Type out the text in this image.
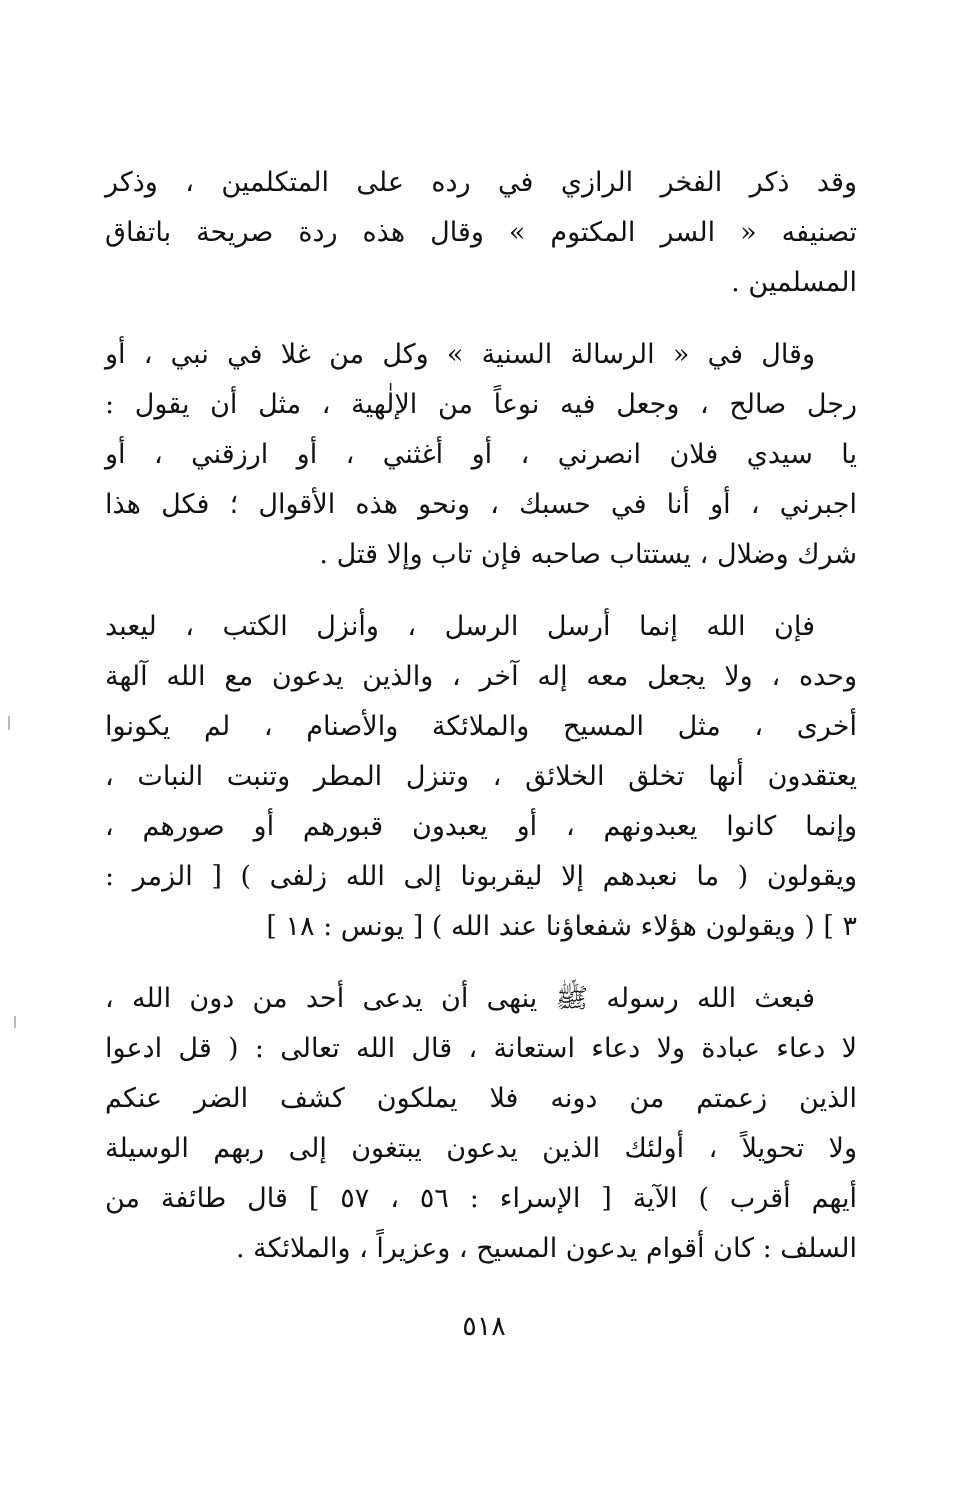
وقد ذكر الفخر الرازي في رده على المتكلمين ، وذكر
تصنيفه « السر المكتوم » وقال هذه ردة صريحة باتفاق
المسلمين .
وقال في « الرسالة السنية » وكل من غلا في نبي ، أو
رجل صالح ، وجعل فيه نوعاً من الإلٰهية ، مثل أن يقول :
يا سيدي فلان انصرني ، أو أغثني ، أو ارزقني ، أو
اجبرني ، أو أنا في حسبك ، ونحو هذه الأقوال ؛ فكل هذا
شرك وضلال ، يستتاب صاحبه فإن تاب وإلا قتل .
فإن الله إنما أرسل الرسل ، وأنزل الكتب ، ليعبد
وحده ، ولا يجعل معه إله آخر ، والذين يدعون مع الله آلهة
أخرى ، مثل المسيح والملائكة والأصنام ، لم يكونوا
يعتقدون أنها تخلق الخلائق ، وتنزل المطر وتنبت النبات ،
وإنما كانوا يعبدونهم ، أو يعبدون قبورهم أو صورهم ،
ويقولون ( ما نعبدهم إلا ليقربونا إلى الله زلفى ) [ الزمر :
٣ ] ( ويقولون هؤلاء شفعاؤنا عند الله ) [ يونس : ١٨ ]
فبعث الله رسوله ﷺ ينهى أن يدعى أحد من دون الله ،
لا دعاء عبادة ولا دعاء استعانة ، قال الله تعالى : ( قل ادعوا
الذين زعمتم من دونه فلا يملكون كشف الضر عنكم
ولا تحويلاً ، أولئك الذين يدعون يبتغون إلى ربهم الوسيلة
أيهم أقرب ) الآية [ الإسراء : ٥٦ ، ٥٧ ] قال طائفة من
السلف : كان أقوام يدعون المسيح ، وعزيراً ، والملائكة .
٥١٨
